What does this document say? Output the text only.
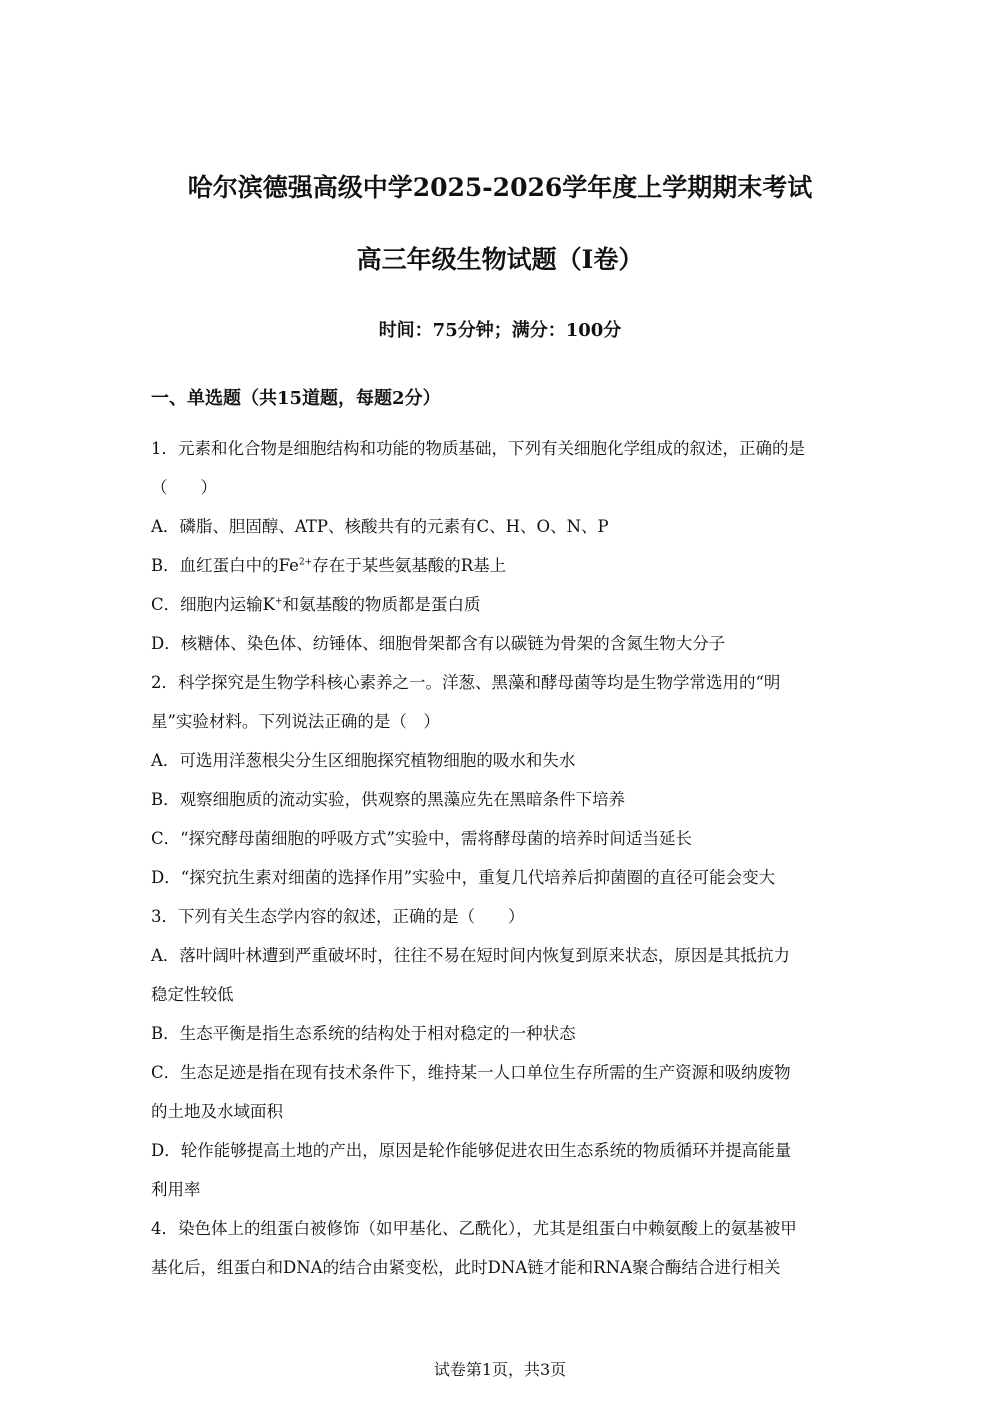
哈尔滨德强高级中学2025-2026学年度上学期期末考试
高三年级生物试题（Ⅰ卷）
时间：75分钟；满分：100分
一、单选题（共15道题，每题2分）
1．元素和化合物是细胞结构和功能的物质基础，下列有关细胞化学组成的叙述，正确的是
（　　）
A．磷脂、胆固醇、ATP、核酸共有的元素有C、H、O、N、P
B．血红蛋白中的$Fe^{2+}$存在于某些氨基酸的R基上
C．细胞内运输K+和氨基酸的物质都是蛋白质
D．核糖体、染色体、纺锤体、细胞骨架都含有以碳链为骨架的含氮生物大分子
2．科学探究是生物学科核心素养之一。洋葱、黑藻和酵母菌等均是生物学常选用的“明
星”实验材料。下列说法正确的是（　）
A．可选用洋葱根尖分生区细胞探究植物细胞的吸水和失水
B．观察细胞质的流动实验，供观察的黑藻应先在黑暗条件下培养
C．“探究酵母菌细胞的呼吸方式”实验中，需将酵母菌的培养时间适当延长
D．“探究抗生素对细菌的选择作用”实验中，重复几代培养后抑菌圈的直径可能会变大
3．下列有关生态学内容的叙述，正确的是（　　）
A．落叶阔叶林遭到严重破坏时，往往不易在短时间内恢复到原来状态，原因是其抵抗力
稳定性较低
B．生态平衡是指生态系统的结构处于相对稳定的一种状态
C．生态足迹是指在现有技术条件下，维持某一人口单位生存所需的生产资源和吸纳废物
的土地及水域面积
D．轮作能够提高土地的产出，原因是轮作能够促进农田生态系统的物质循环并提高能量
利用率
4．染色体上的组蛋白被修饰（如甲基化、乙酰化），尤其是组蛋白中赖氨酸上的氨基被甲
基化后，组蛋白和DNA的结合由紧变松，此时DNA链才能和RNA聚合酶结合进行相关
试卷第1页，共3页
